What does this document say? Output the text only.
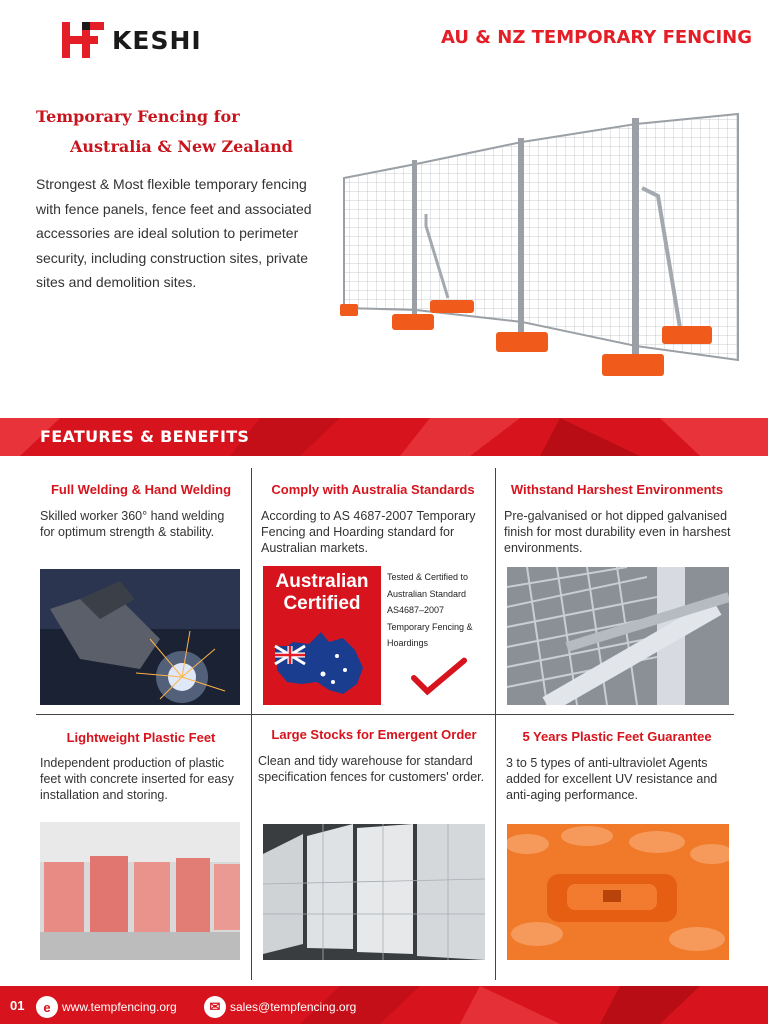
KESHI	AU & NZ TEMPORARY FENCING
Temporary Fencing for
Australia & New Zealand
Strongest & Most flexible temporary fencing with fence panels, fence feet and associated accessories are ideal solution to perimeter security, including construction sites, private sites and demolition sites.
FEATURES & BENEFITS
Full Welding & Hand Welding
Skilled worker 360° hand welding for optimum strength & stability.
Comply with Australia Standards
According to AS 4687-2007 Temporary Fencing and Hoarding standard for Australian markets.
Australian
Certified
Tested & Certified to
Australian Standard
AS4687–2007
Temporary Fencing &
Hoardings
Withstand Harshest Environments
Pre-galvanised or hot dipped galvanised finish for most durability even in harshest environments.
Lightweight Plastic Feet
Independent production of plastic feet with concrete inserted for easy installation and storing.
Large Stocks for Emergent Order
Clean and tidy warehouse for standard specification fences for customers' order.
5 Years Plastic Feet Guarantee
3 to 5 types of anti-ultraviolet Agents added for excellent UV resistance and anti-aging performance.
01	e www.tempfencing.org	✉ sales@tempfencing.org
